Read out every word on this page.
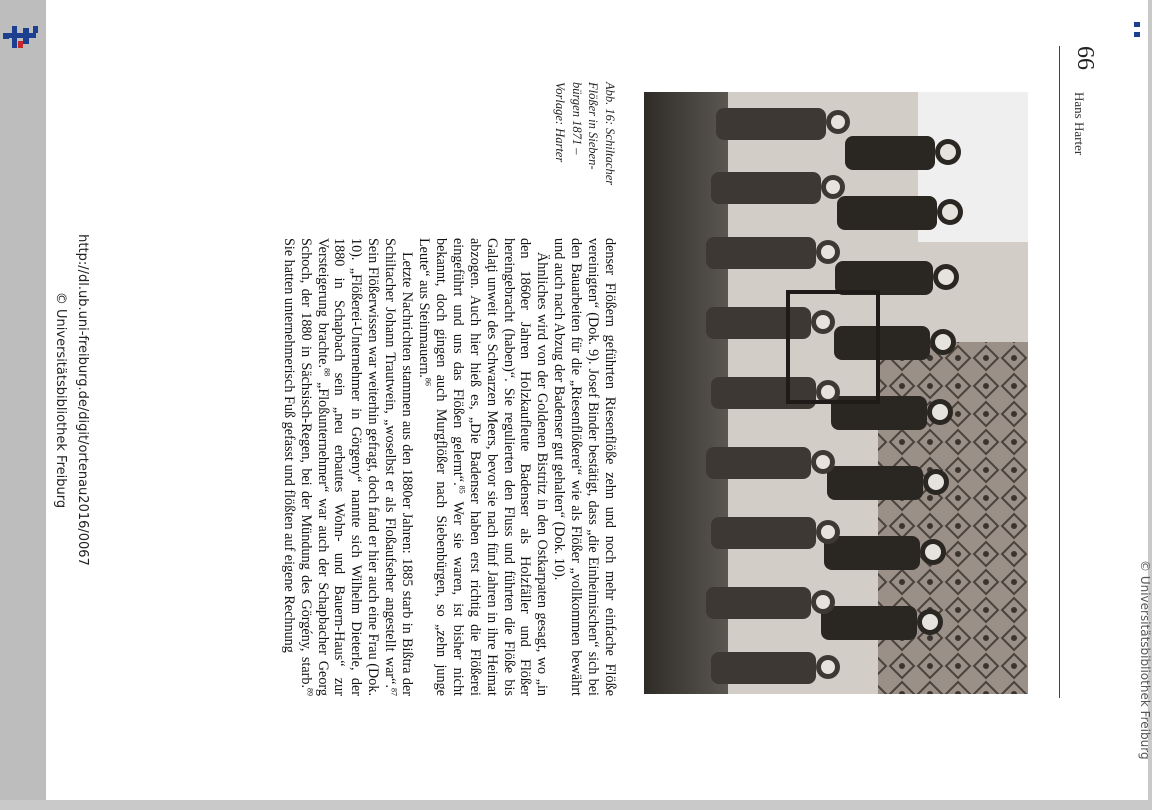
© Universitätsbibliothek Freiburg
66
Hans Harter
Abb. 16: Schiltacher
Flößer in Sieben-
bürgen 1871 –
Vorlage: Harter

denser Flößern geführten Riesenflöße zehn und noch mehr einfache Flöße vereinigten“ (Dok. 9). Josef Binder bestätigt, dass „die Einheimischen“ sich bei den Bauarbeiten für die „Riesenflößerei“ wie als Flößer „vollkommen bewährt und auch nach Abzug der Badenser gut gehalten“ (Dok. 10).

Ähnliches wird von der Goldenen Bistritz in den Ostkarpaten gesagt, wo „in den 1860er Jahren Holzkaufleute Badenser als Holzfäller und Flößer hereingebracht (haben)“. Sie regulierten den Fluss und führten die Flöße bis Galaţi unweit des Schwarzen Meers, bevor sie nach fünf Jahren in ihre Heimat abzogen. Auch hier hieß es, „Die Badenser haben erst richtig die Flößerei eingeführt und uns das Flößen gelernt“.$^{85}$ Wer sie waren, ist bisher nicht bekannt, doch gingen auch Murgflößer nach Siebenbürgen, so „zehn junge Leute“ aus Steinmauern.$^{86}$

Letzte Nachrichten stammen aus den 1880er Jahren: 1885 starb in Bißtra der Schiltacher Johann Trautwein, „woselbst er als Floßaufseher angestellt war“.$^{87}$ Sein Flößerwissen war weiterhin gefragt, doch fand er hier auch eine Frau (Dok. 10). „Flößerei-Unternehmer in Görgeny“ nannte sich Wilhelm Dieterle, der 1880 in Schapbach sein „neu erbautes Wohn- und Bauern-Haus“ zur Versteigerung brachte.$^{88}$ „Floßunternehmer“ war auch der Schapbacher Georg Schoch, der 1880 in Sächsisch-Regen, bei der Mündung des Görgény, starb.$^{89}$ Sie hatten unternehmerisch Fuß gefasst und flößten auf eigene Rechnung

http://dl.ub.uni-freiburg.de/digit/ortenau2016/0067
© Universitätsbibliothek Freiburg
